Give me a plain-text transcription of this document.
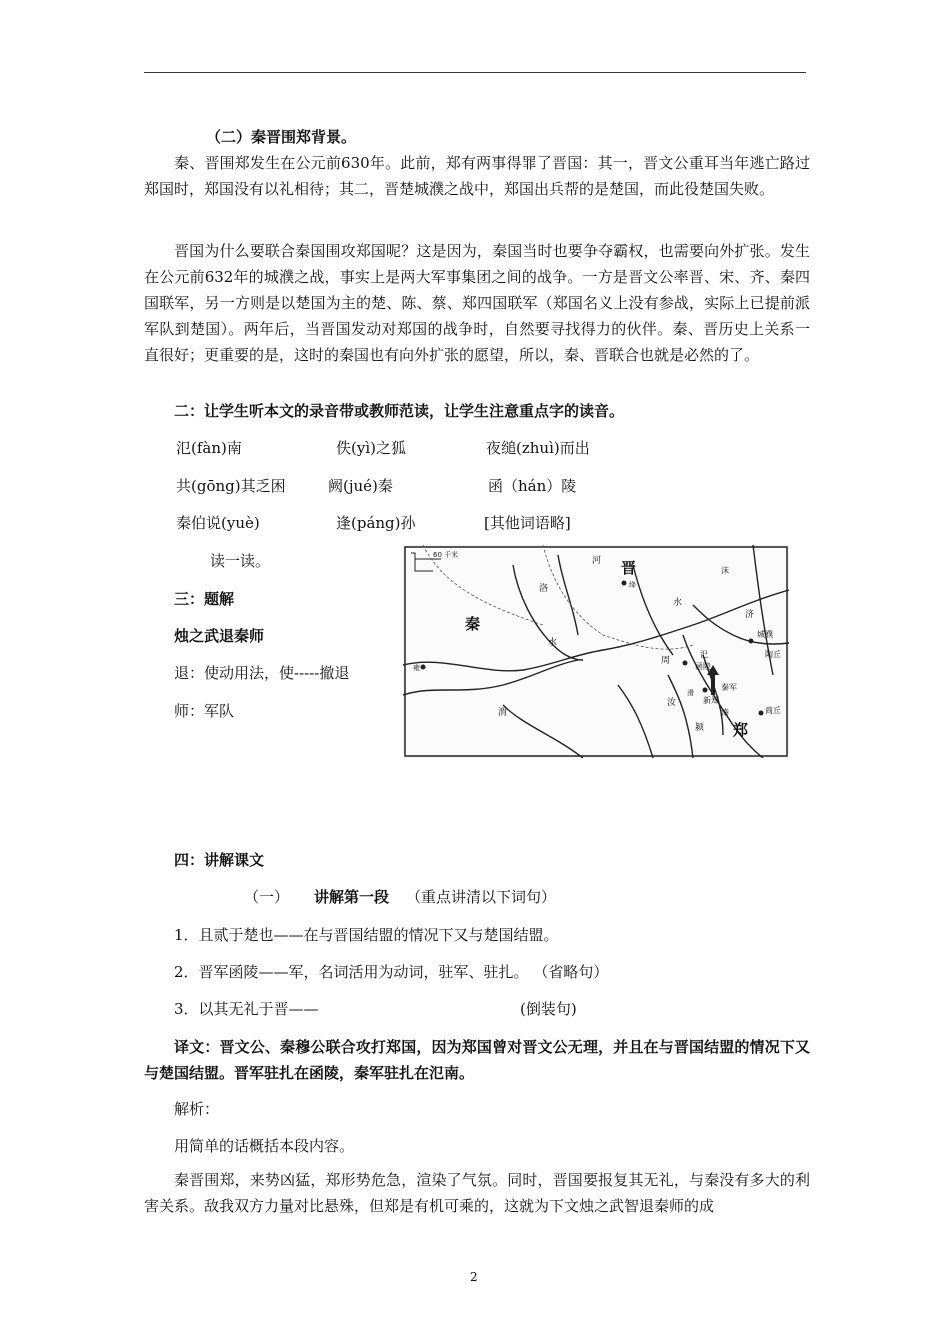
（二）秦晋围郑背景。
秦、晋围郑发生在公元前630年。此前，郑有两事得罪了晋国：其一，晋文公重耳当年逃亡路过郑国时，郑国没有以礼相待；其二，晋楚城濮之战中，郑国出兵帮的是楚国，而此役楚国失败。
晋国为什么要联合秦国围攻郑国呢？这是因为，秦国当时也要争夺霸权，也需要向外扩张。发生在公元前632年的城濮之战，事实上是两大军事集团之间的战争。一方是晋文公率晋、宋、齐、秦四国联军，另一方则是以楚国为主的楚、陈、蔡、郑四国联军（郑国名义上没有参战，实际上已提前派军队到楚国）。两年后，当晋国发动对郑国的战争时，自然要寻找得力的伙伴。秦、晋历史上关系一直很好；更重要的是，这时的秦国也有向外扩张的愿望，所以，秦、晋联合也就是必然的了。
二：让学生听本文的录音带或教师范读，让学生注意重点字的读音。
氾(fàn)南	佚(yì)之狐	夜缒(zhuì)而出
共(gōng)其乏困	阙(jué)秦	函（hán）陵
秦伯说(yuè)	逢(páng)孙	[其他词语略]
读一读。
三：题解
烛之武退秦师
退：使动用法，使-----撤退
师：军队
60 千米
秦
晋
郑
河
洛
水
渭
函陵
城濮
汜
沫
济
陶丘
商丘
新郑
周
秦军
水
溱
颍
汝
雍
绛
滑
四：讲解课文
（一） 讲解第一段 （重点讲清以下词句）
1．且贰于楚也——在与晋国结盟的情况下又与楚国结盟。
2．晋军函陵——军，名词活用为动词，驻军、驻扎。 （省略句）
3．以其无礼于晋——	(倒装句)
译文：晋文公、秦穆公联合攻打郑国，因为郑国曾对晋文公无理，并且在与晋国结盟的情况下又与楚国结盟。晋军驻扎在函陵，秦军驻扎在氾南。
解析：
用简单的话概括本段内容。
秦晋围郑，来势凶猛，郑形势危急，渲染了气氛。同时，晋国要报复其无礼，与秦没有多大的利害关系。敌我双方力量对比悬殊，但郑是有机可乘的，这就为下文烛之武智退秦师的成
2
